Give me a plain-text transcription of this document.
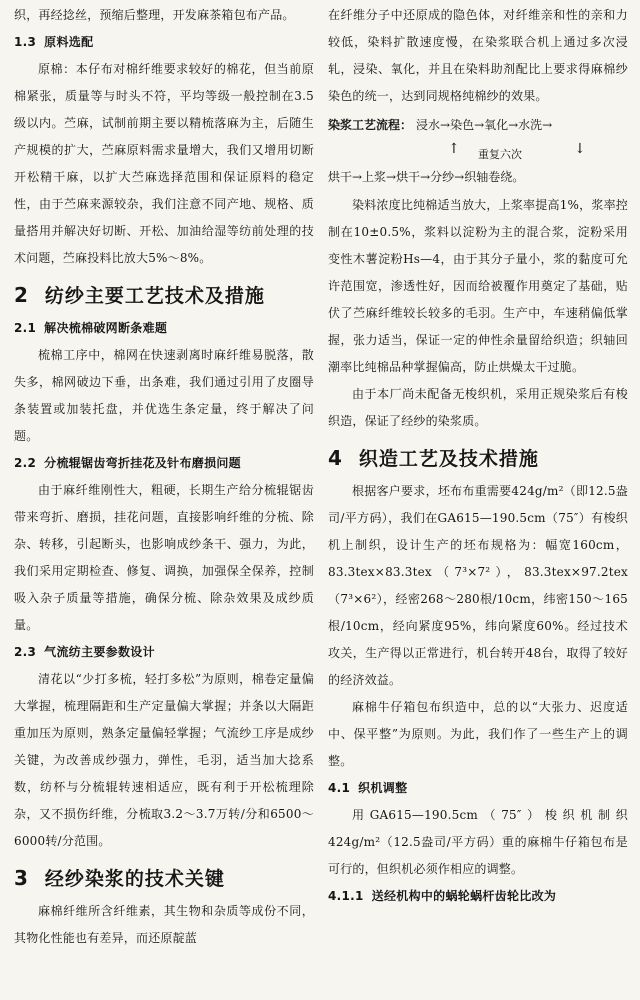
织，再经捻丝，预缩后整理，开发麻茶箱包布产品。

1.3 原料选配

原棉：本仔布对棉纤维要求较好的棉花，但当前原棉紧张，质量等与时头不符，平均等级一般控制在3.5级以内。苎麻，试制前期主要以精梳落麻为主，后随生产规模的扩大，苎麻原料需求量增大，我们又增用切断开松精干麻，以扩大苎麻选择范围和保证原料的稳定性，由于苎麻来源较杂，我们注意不同产地、规格、质量搭用并解决好切断、开松、加油给湿等纺前处理的技术问题，苎麻投料比放大5%～8%。

2 纺纱主要工艺技术及措施
2.1 解决梳棉破网断条难题

梳棉工序中，棉网在快速剥离时麻纤维易脱落，散失多，棉网破边下垂，出条难，我们通过引用了皮圈导条装置或加装托盘，并优选生条定量，终于解决了问题。

2.2 分梳辊锯齿弯折挂花及针布磨损问题

由于麻纤维刚性大，粗硬，长期生产给分梳辊锯齿带来弯折、磨损，挂花问题，直接影响纤维的分梳、除杂、转移，引起断头，也影响成纱条干、强力，为此，我们采用定期检查、修复、调换，加强保全保养，控制吸入杂子质量等措施，确保分梳、除杂效果及成纱质量。

2.3 气流纺主要参数设计

清花以“少打多梳，轻打多松”为原则，棉卷定量偏大掌握，梳理隔距和生产定量偏大掌握；并条以大隔距重加压为原则，熟条定量偏轻掌握；气流纱工序是成纱关键，为改善成纱强力，弹性，毛羽，适当加大捻系数，纺杯与分梳辊转速相适应，既有利于开松梳理除杂，又不损伤纤维，分梳取3.2～3.7万转/分和6500～6000转/分范围。

3 经纱染浆的技术关键

麻棉纤维所含纤维素，其生物和杂质等成份不同，其物化性能也有差异，而还原靛蓝

在纤维分子中还原成的隐色体，对纤维亲和性的亲和力较低，染料扩散速度慢，在染浆联合机上通过多次浸轧，浸染、氧化，并且在染料助剂配比上要求得麻棉纱染色的统一，达到同规格纯棉纱的效果。

染浆工艺流程： 浸水→染色→氧化→水洗→
↑ 重复六次	↓
烘干→上浆→烘干→分纱→织轴卷绕。

染料浓度比纯棉适当放大，上浆率提高1%，浆率控制在10±0.5%，浆料以淀粉为主的混合浆，淀粉采用变性木薯淀粉Hs—4，由于其分子量小，浆的黏度可允许范围宽，渗透性好，因而给被覆作用奠定了基础，贴伏了苎麻纤维较长较多的毛羽。生产中，车速稍偏低掌握，张力适当，保证一定的伸性余量留给织造；织轴回潮率比纯棉品种掌握偏高，防止烘燥太干过脆。

由于本厂尚未配备无梭织机，采用正规染浆后有梭织造，保证了经纱的染浆质。

4 织造工艺及技术措施

根据客户要求，坯布布重需要424g/m²（即12.5盎司/平方码），我们在GA615—190.5cm（75″）有梭织机上制织，设计生产的坯布规格为：幅宽160cm，83.3tex×83.3tex（7³×7²），83.3tex×97.2tex（7³×6²），经密268～280根/10cm，纬密150～165根/10cm，经向紧度95%，纬向紧度60%。经过技术攻关，生产得以正常进行，机台转开48台，取得了较好的经济效益。

麻棉牛仔箱包布织造中，总的以“大张力、迟度适中、保平整”为原则。为此，我们作了一些生产上的调整。

4.1 织机调整

用GA615—190.5cm（75″）梭织机制织424g/m²（12.5盎司/平方码）重的麻棉牛仔箱包布是可行的，但织机必须作相应的调整。

4.1.1 送经机构中的蜗轮蜗杆齿轮比改为
